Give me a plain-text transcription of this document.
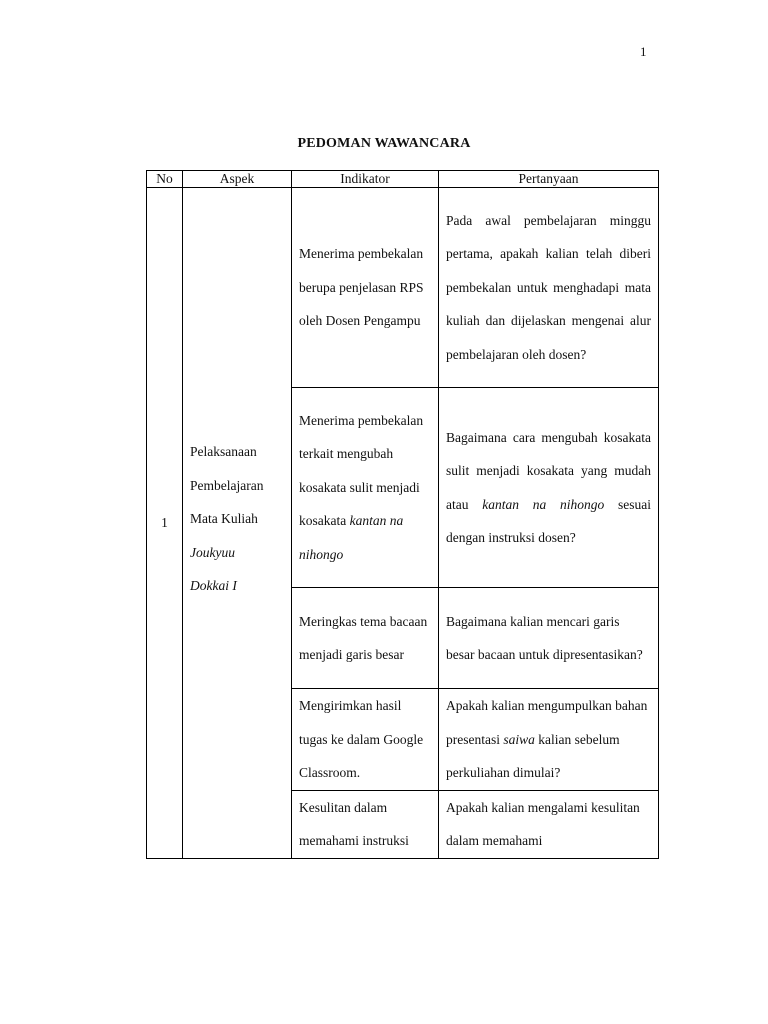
1
PEDOMAN WAWANCARA
No	Aspek	Indikator	Pertanyaan
1	Pelaksanaan
Pembelajaran
Mata Kuliah
Joukyuu
Dokkai I	Menerima pembekalan berupa penjelasan RPS oleh Dosen Pengampu	Pada awal pembelajaran minggu pertama, apakah kalian telah diberi pembekalan untuk menghadapi mata kuliah dan dijelaskan mengenai alur pembelajaran oleh dosen?
		Menerima pembekalan terkait mengubah kosakata sulit menjadi kosakata kantan na nihongo	Bagaimana cara mengubah kosakata sulit menjadi kosakata yang mudah atau kantan na nihongo sesuai dengan instruksi dosen?
		Meringkas tema bacaan menjadi garis besar	Bagaimana kalian mencari garis besar bacaan untuk dipresentasikan?
		Mengirimkan hasil tugas ke dalam Google Classroom.	Apakah kalian mengumpulkan bahan presentasi saiwa kalian sebelum perkuliahan dimulai?

		Kesulitan dalam memahami instruksi	Apakah kalian mengalami kesulitan dalam memahami
